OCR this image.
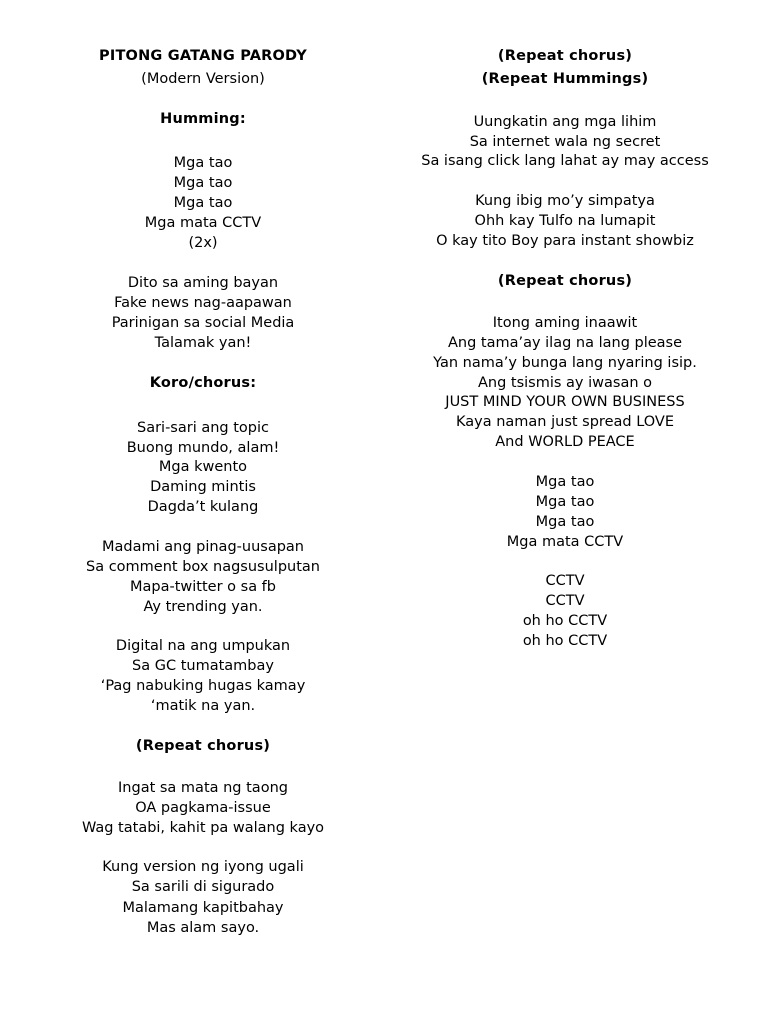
PITONG GATANG PARODY
(Modern Version)
Humming:
Mga tao
Mga tao
Mga tao
Mga mata CCTV
(2x)
Dito sa aming bayan
Fake news nag-aapawan
Parinigan sa social Media
Talamak yan!
Koro/chorus:
Sari-sari ang topic
Buong mundo, alam!
Mga kwento
Daming mintis
Dagda’t kulang
Madami ang pinag-uusapan
Sa comment box nagsusulputan
Mapa-twitter o sa fb
Ay trending yan.
Digital na ang umpukan
Sa GC tumatambay
‘Pag nabuking hugas kamay
‘matik na yan.
(Repeat chorus)
Ingat sa mata ng taong
OA pagkama-issue
Wag tatabi, kahit pa walang kayo
Kung version ng iyong ugali
Sa sarili di sigurado
Malamang kapitbahay
Mas alam sayo.
(Repeat chorus)
(Repeat Hummings)
Uungkatin ang mga lihim
Sa internet wala ng secret
Sa isang click lang lahat ay may access
Kung ibig mo’y simpatya
Ohh kay Tulfo na lumapit
O kay tito Boy para instant showbiz
(Repeat chorus)
Itong aming inaawit
Ang tama’ay ilag na lang please
Yan nama’y bunga lang nyaring isip.
Ang tsismis ay iwasan o
JUST MIND YOUR OWN BUSINESS
Kaya naman just spread LOVE
And WORLD PEACE
Mga tao
Mga tao
Mga tao
Mga mata CCTV
CCTV
CCTV
oh ho CCTV
oh ho CCTV
